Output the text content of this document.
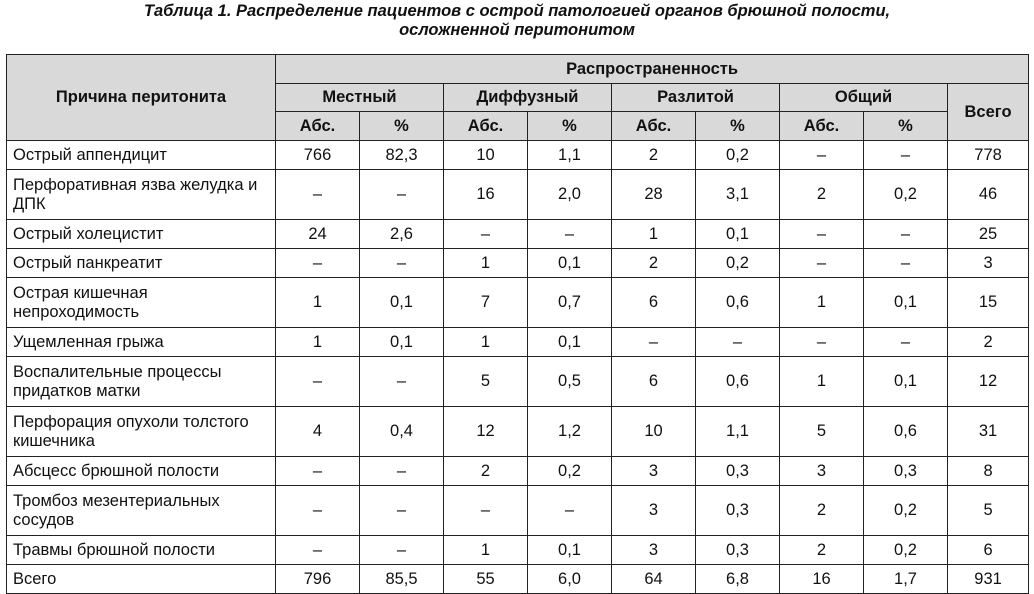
Таблица 1. Распределение пациентов с острой патологией органов брюшной полости,
осложненной перитонитом
Причина перитонита	Распространенность								
	Местный		Диффузный		Разлитой		Общий		Всего
	Абс.	%	Абс.	%	Абс.	%	Абс.	%	
Острый аппендицит	766	82,3	10	1,1	2	0,2	–	–	778
Перфоративная язва желудка и ДПК	–	–	16	2,0	28	3,1	2	0,2	46
Острый холецистит	24	2,6	–	–	1	0,1	–	–	25
Острый панкреатит	–	–	1	0,1	2	0,2	–	–	3
Острая кишечная непроходимость	1	0,1	7	0,7	6	0,6	1	0,1	15
Ущемленная грыжа	1	0,1	1	0,1	–	–	–	–	2
Воспалительные процессы придатков матки	–	–	5	0,5	6	0,6	1	0,1	12
Перфорация опухоли толстого кишечника	4	0,4	12	1,2	10	1,1	5	0,6	31
Абсцесс брюшной полости	–	–	2	0,2	3	0,3	3	0,3	8
Тромбоз мезентериальных сосудов	–	–	–	–	3	0,3	2	0,2	5
Травмы брюшной полости	–	–	1	0,1	3	0,3	2	0,2	6
Всего	796	85,5	55	6,0	64	6,8	16	1,7	931
